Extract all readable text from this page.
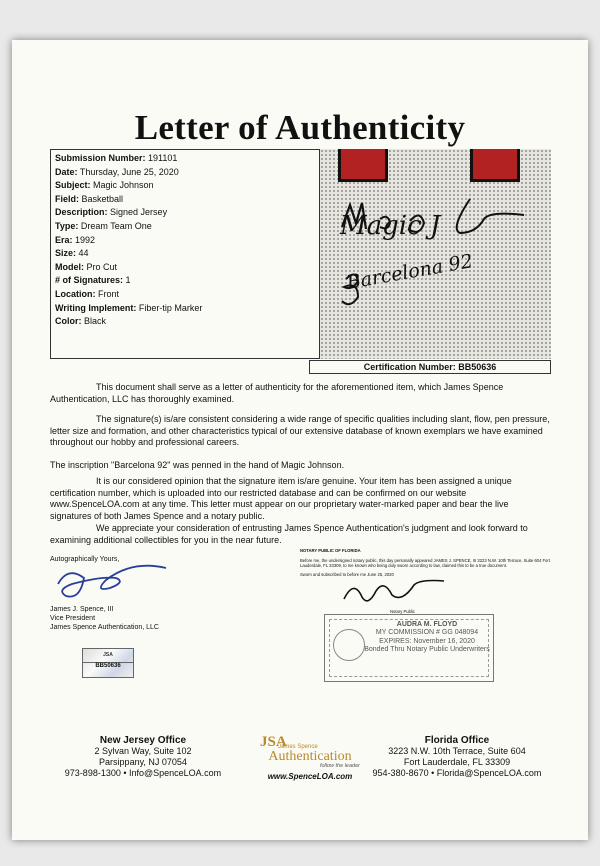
Letter of Authenticity
Submission Number: 191101
Date: Thursday, June 25, 2020
Subject: Magic Johnson
Field: Basketball
Description: Signed Jersey
Type: Dream Team One
Era: 1992
Size: 44
Model: Pro Cut
# of Signatures: 1
Location: Front
Writing Implement: Fiber-tip Marker
Color: Black
Magic J
Barcelona 92
Certification Number: BB50636
This document shall serve as a letter of authenticity for the aforementioned item, which James Spence Authentication, LLC has thoroughly examined.
The signature(s) is/are consistent considering a wide range of specific qualities including slant, flow, pen pressure, letter size and formation, and other characteristics typical of our extensive database of known exemplars we have examined throughout our hobby and professional careers.
The inscription "Barcelona 92" was penned in the hand of Magic Johnson.
It is our considered opinion that the signature item is/are genuine. Your item has been assigned a unique certification number, which is uploaded into our restricted database and can be confirmed on our website www.SpenceLOA.com at any time. This letter must appear on our proprietary water-marked paper and bear the live signatures of both James Spence and a notary public.
We appreciate your consideration of entrusting James Spence Authentication's judgment and look forward to examining additional collectibles for you in the near future.
Autographically Yours,
James J. Spence, III
Vice President
James Spence Authentication, LLC
JSA
BB50636
NOTARY PUBLIC OF FLORIDA
Before me, the undersigned notary public, this day personally appeared JAMES J. SPENCE, III 3223 N.W. 10th Terrace, Suite 604 Fort Lauderdale, FL 33309, to me known who being duly sworn according to law, claimed this to be a true document.
Sworn and subscribed to before me June 25, 2020
Notary Public
AUDRA M. FLOYD
MY COMMISSION # GG 048094
EXPIRES: November 16, 2020
Bonded Thru Notary Public Underwriters
New Jersey Office
2 Sylvan Way, Suite 102
Parsippany, NJ 07054
973-898-1300 • Info@SpenceLOA.com
JSA
James Spence
Authentication
follow the leader
www.SpenceLOA.com
Florida Office
3223 N.W. 10th Terrace, Suite 604
Fort Lauderdale, FL 33309
954-380-8670 • Florida@SpenceLOA.com
